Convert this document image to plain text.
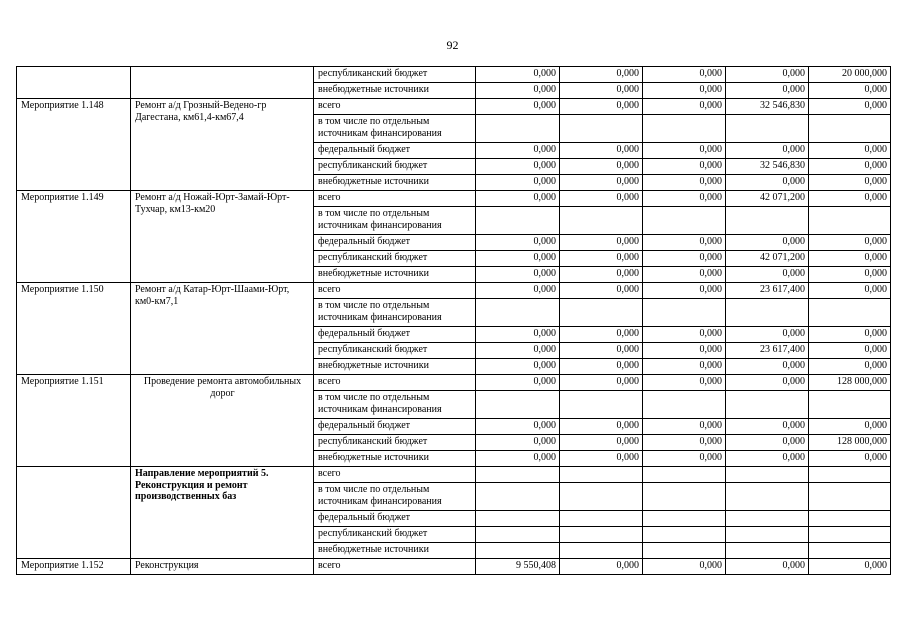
92
		республиканский бюджет	0,000	0,000	0,000	0,000	20 000,000
		внебюджетные источники	0,000	0,000	0,000	0,000	0,000
Мероприятие 1.148	Ремонт а/д Грозный-Ведено-гр Дагестана, км61,4-км67,4	всего	0,000	0,000	0,000	32 546,830	0,000
		в том числе по отдельным источникам финансирования					
		федеральный бюджет	0,000	0,000	0,000	0,000	0,000
		республиканский бюджет	0,000	0,000	0,000	32 546,830	0,000
		внебюджетные источники	0,000	0,000	0,000	0,000	0,000
Мероприятие 1.149	Ремонт а/д Ножай-Юрт-Замай-Юрт-Тухчар, км13-км20	всего	0,000	0,000	0,000	42 071,200	0,000
		в том числе по отдельным источникам финансирования					
		федеральный бюджет	0,000	0,000	0,000	0,000	0,000
		республиканский бюджет	0,000	0,000	0,000	42 071,200	0,000
		внебюджетные источники	0,000	0,000	0,000	0,000	0,000
Мероприятие 1.150	Ремонт а/д Катар-Юрт-Шаами-Юрт, км0-км7,1	всего	0,000	0,000	0,000	23 617,400	0,000
		в том числе по отдельным источникам финансирования					
		федеральный бюджет	0,000	0,000	0,000	0,000	0,000
		республиканский бюджет	0,000	0,000	0,000	23 617,400	0,000
		внебюджетные источники	0,000	0,000	0,000	0,000	0,000
Мероприятие 1.151	Проведение ремонта автомобильных дорог	всего	0,000	0,000	0,000	0,000	128 000,000
		в том числе по отдельным источникам финансирования					
		федеральный бюджет	0,000	0,000	0,000	0,000	0,000
		республиканский бюджет	0,000	0,000	0,000	0,000	128 000,000
		внебюджетные источники	0,000	0,000	0,000	0,000	0,000
	Направление мероприятий 5. Реконструкция и ремонт производственных баз	всего					
		в том числе по отдельным источникам финансирования					
		федеральный бюджет					
		республиканский бюджет					
		внебюджетные источники					
Мероприятие 1.152	Реконструкция	всего	9 550,408	0,000	0,000	0,000	0,000
